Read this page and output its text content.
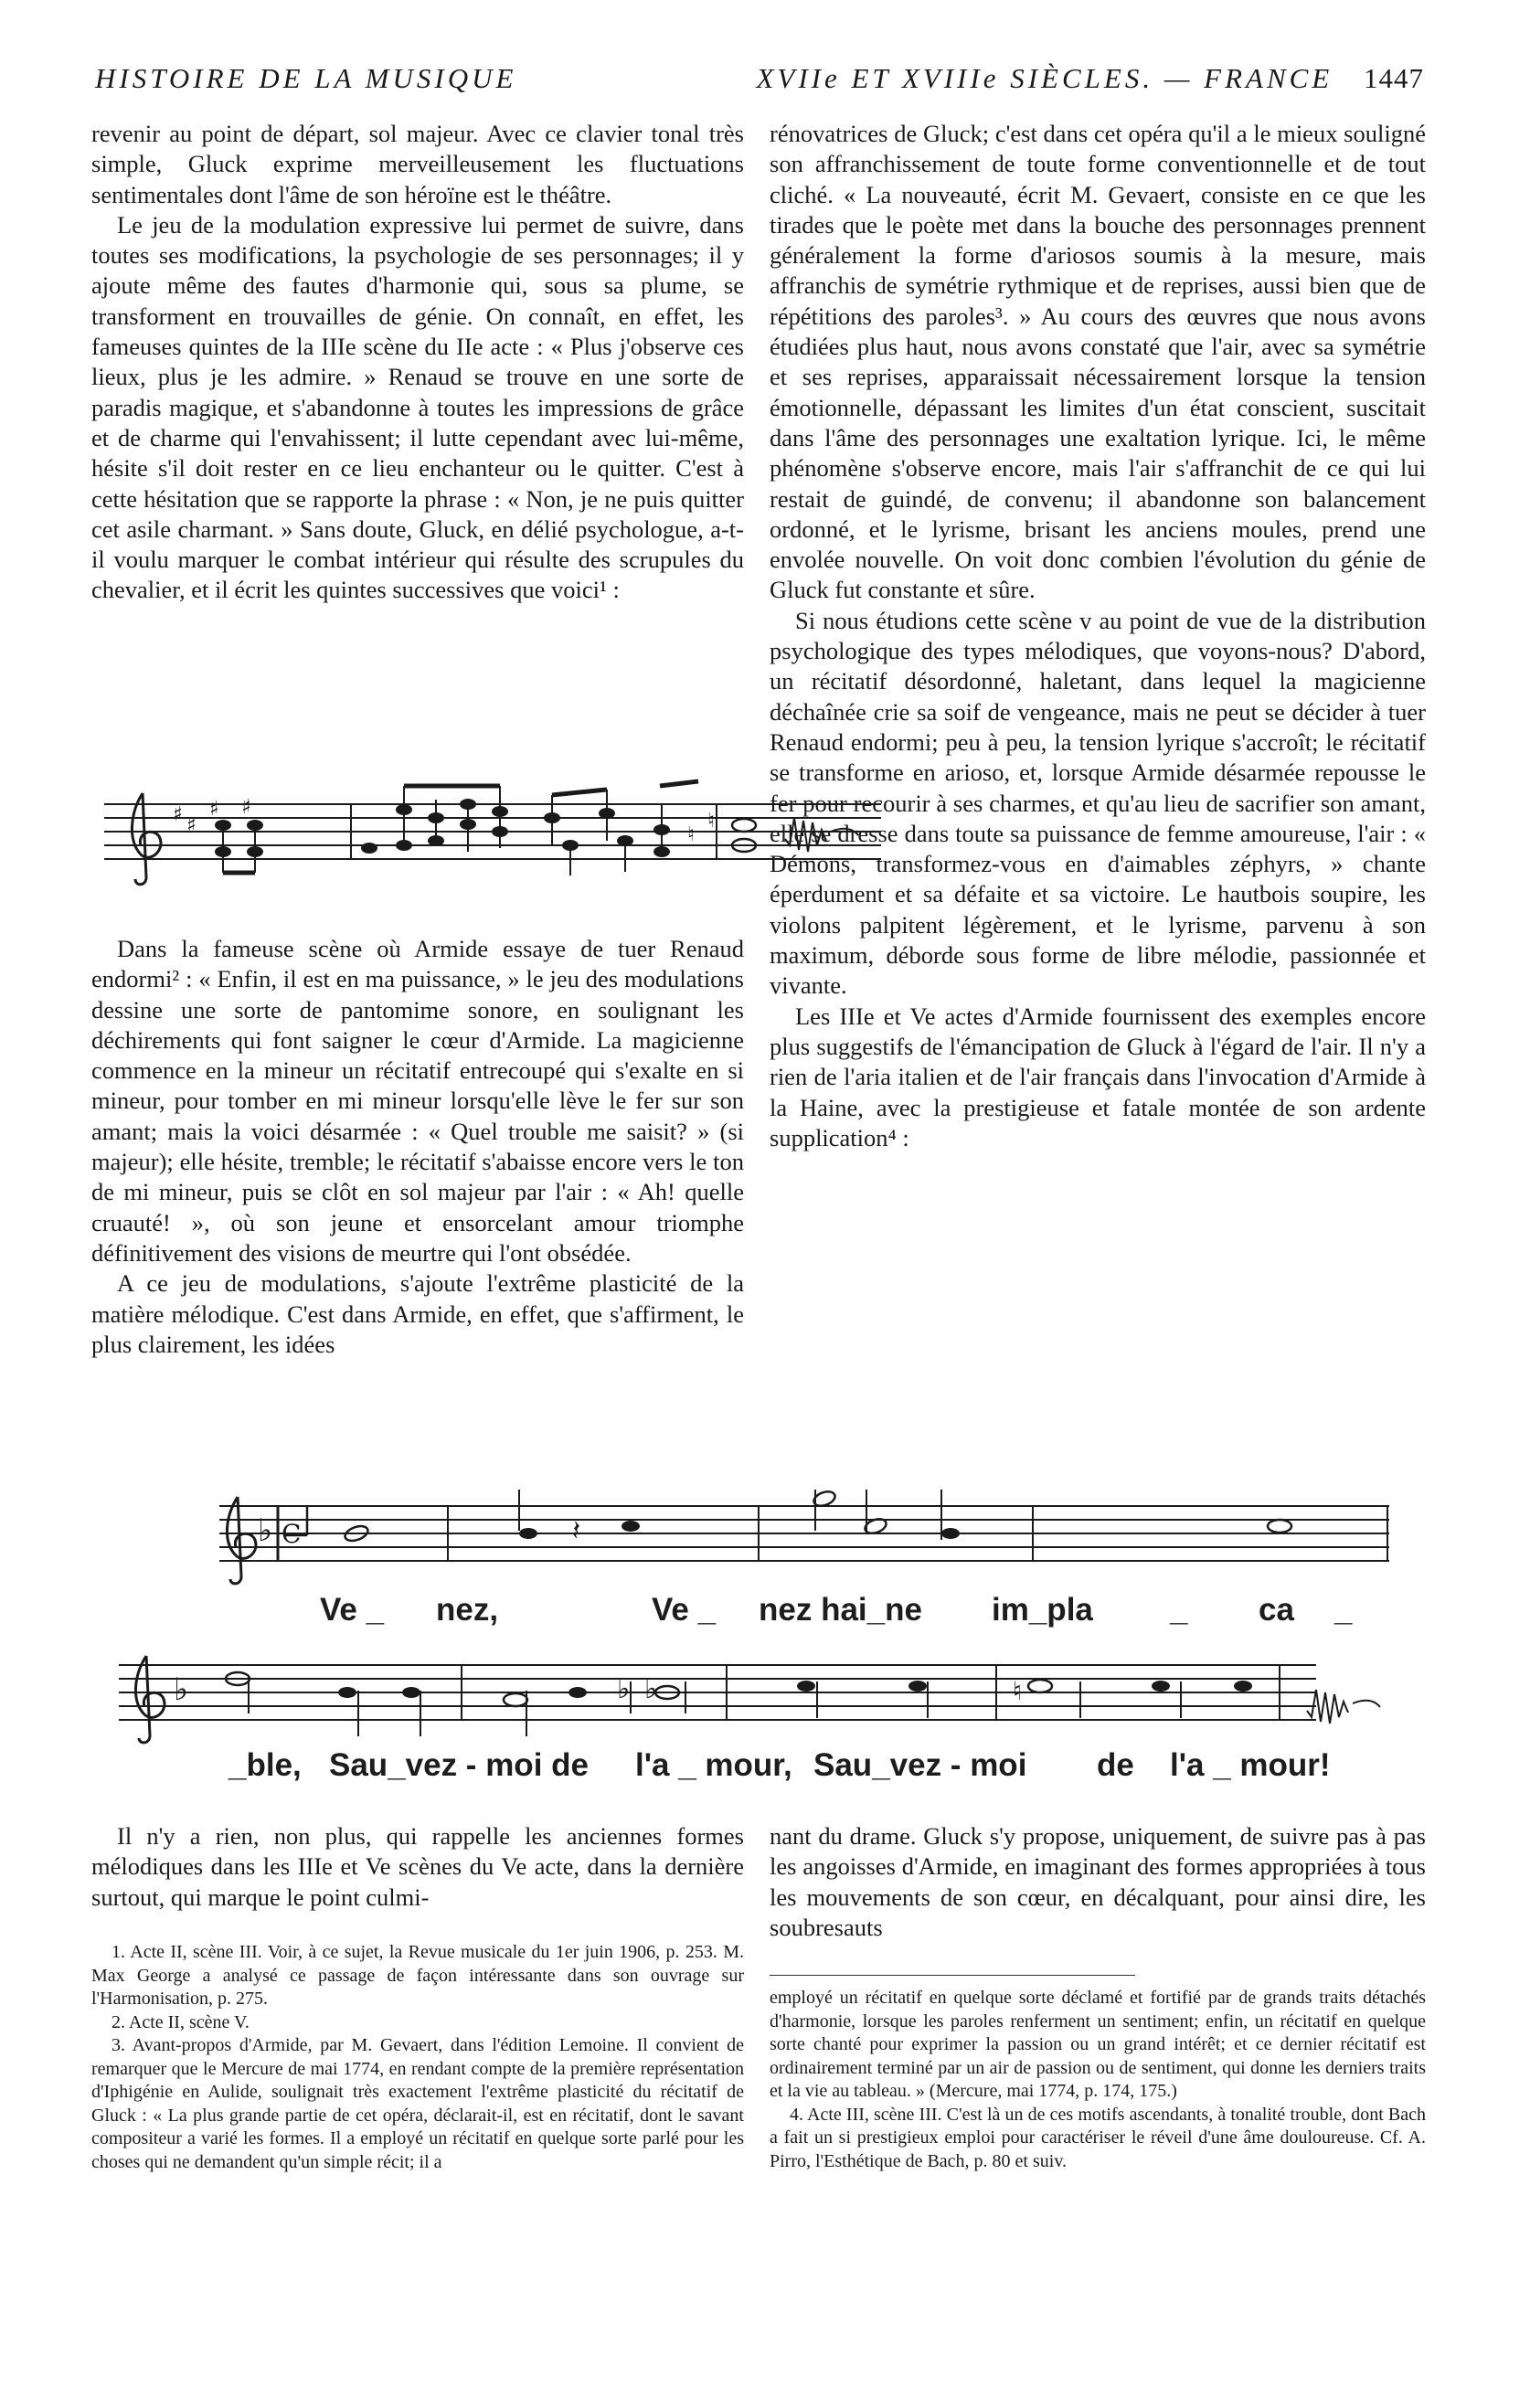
HISTOIRE DE LA MUSIQUE	XVIIe ET XVIIIe SIÈCLES. — FRANCE 1447

revenir au point de départ, sol majeur. Avec ce clavier tonal très simple, Gluck exprime merveilleusement les fluctuations sentimentales dont l'âme de son héroïne est le théâtre.

Le jeu de la modulation expressive lui permet de suivre, dans toutes ses modifications, la psychologie de ses personnages; il y ajoute même des fautes d'harmonie qui, sous sa plume, se transforment en trouvailles de génie. On connaît, en effet, les fameuses quintes de la IIIe scène du IIe acte : « Plus j'observe ces lieux, plus je les admire. » Renaud se trouve en une sorte de paradis magique, et s'abandonne à toutes les impressions de grâce et de charme qui l'envahissent; il lutte cependant avec lui-même, hésite s'il doit rester en ce lieu enchanteur ou le quitter. C'est à cette hésitation que se rapporte la phrase : « Non, je ne puis quitter cet asile charmant. » Sans doute, Gluck, en délié psychologue, a-t-il voulu marquer le combat intérieur qui résulte des scrupules du chevalier, et il écrit les quintes successives que voici¹ :

♯ ♯
♯ ♯
♮
♮

Dans la fameuse scène où Armide essaye de tuer Renaud endormi² : « Enfin, il est en ma puissance, » le jeu des modulations dessine une sorte de pantomime sonore, en soulignant les déchirements qui font saigner le cœur d'Armide. La magicienne commence en la mineur un récitatif entrecoupé qui s'exalte en si mineur, pour tomber en mi mineur lorsqu'elle lève le fer sur son amant; mais la voici désarmée : « Quel trouble me saisit? » (si majeur); elle hésite, tremble; le récitatif s'abaisse encore vers le ton de mi mineur, puis se clôt en sol majeur par l'air : « Ah! quelle cruauté! », où son jeune et ensorcelant amour triomphe définitivement des visions de meurtre qui l'ont obsédée.

A ce jeu de modulations, s'ajoute l'extrême plasticité de la matière mélodique. C'est dans Armide, en effet, que s'affirment, le plus clairement, les idées

rénovatrices de Gluck; c'est dans cet opéra qu'il a le mieux souligné son affranchissement de toute forme conventionnelle et de tout cliché. « La nouveauté, écrit M. Gevaert, consiste en ce que les tirades que le poète met dans la bouche des personnages prennent généralement la forme d'ariosos soumis à la mesure, mais affranchis de symétrie rythmique et de reprises, aussi bien que de répétitions des paroles³. » Au cours des œuvres que nous avons étudiées plus haut, nous avons constaté que l'air, avec sa symétrie et ses reprises, apparaissait nécessairement lorsque la tension émotionnelle, dépassant les limites d'un état conscient, suscitait dans l'âme des personnages une exaltation lyrique. Ici, le même phénomène s'observe encore, mais l'air s'affranchit de ce qui lui restait de guindé, de convenu; il abandonne son balancement ordonné, et le lyrisme, brisant les anciens moules, prend une envolée nouvelle. On voit donc combien l'évolution du génie de Gluck fut constante et sûre.

Si nous étudions cette scène v au point de vue de la distribution psychologique des types mélodiques, que voyons-nous? D'abord, un récitatif désordonné, haletant, dans lequel la magicienne déchaînée crie sa soif de vengeance, mais ne peut se décider à tuer Renaud endormi; peu à peu, la tension lyrique s'accroît; le récitatif se transforme en arioso, et, lorsque Armide désarmée repousse le fer pour recourir à ses charmes, et qu'au lieu de sacrifier son amant, elle se dresse dans toute sa puissance de femme amoureuse, l'air : « Démons, transformez-vous en d'aimables zéphyrs, » chante éperdument et sa défaite et sa victoire. Le hautbois soupire, les violons palpitent légèrement, et le lyrisme, parvenu à son maximum, déborde sous forme de libre mélodie, passionnée et vivante.

Les IIIe et Ve actes d'Armide fournissent des exemples encore plus suggestifs de l'émancipation de Gluck à l'égard de l'air. Il n'y a rien de l'aria italien et de l'air français dans l'invocation d'Armide à la Haine, avec la prestigieuse et fatale montée de son ardente supplication⁴ :

♭ C	𝄽
Ve _ nez,	Ve _ nez hai_ne im_pla _ ca _
♭	♭ ♭	♮
_ble, Sau_vez - moi de l'a _ mour, Sau_vez - moi de l'a _ mour!

Il n'y a rien, non plus, qui rappelle les anciennes formes mélodiques dans les IIIe et Ve scènes du Ve acte, dans la dernière surtout, qui marque le point culmi-

nant du drame. Gluck s'y propose, uniquement, de suivre pas à pas les angoisses d'Armide, en imaginant des formes appropriées à tous les mouvements de son cœur, en décalquant, pour ainsi dire, les soubresauts

1. Acte II, scène III. Voir, à ce sujet, la Revue musicale du 1er juin 1906, p. 253. M. Max George a analysé ce passage de façon intéressante dans son ouvrage sur l'Harmonisation, p. 275.

2. Acte II, scène V.

3. Avant-propos d'Armide, par M. Gevaert, dans l'édition Lemoine. Il convient de remarquer que le Mercure de mai 1774, en rendant compte de la première représentation d'Iphigénie en Aulide, soulignait très exactement l'extrême plasticité du récitatif de Gluck : « La plus grande partie de cet opéra, déclarait-il, est en récitatif, dont le savant compositeur a varié les formes. Il a employé un récitatif en quelque sorte parlé pour les choses qui ne demandent qu'un simple récit; il a

employé un récitatif en quelque sorte déclamé et fortifié par de grands traits détachés d'harmonie, lorsque les paroles renferment un sentiment; enfin, un récitatif en quelque sorte chanté pour exprimer la passion ou un grand intérêt; et ce dernier récitatif est ordinairement terminé par un air de passion ou de sentiment, qui donne les derniers traits et la vie au tableau. » (Mercure, mai 1774, p. 174, 175.)

4. Acte III, scène III. C'est là un de ces motifs ascendants, à tonalité trouble, dont Bach a fait un si prestigieux emploi pour caractériser le réveil d'une âme douloureuse. Cf. A. Pirro, l'Esthétique de Bach, p. 80 et suiv.
